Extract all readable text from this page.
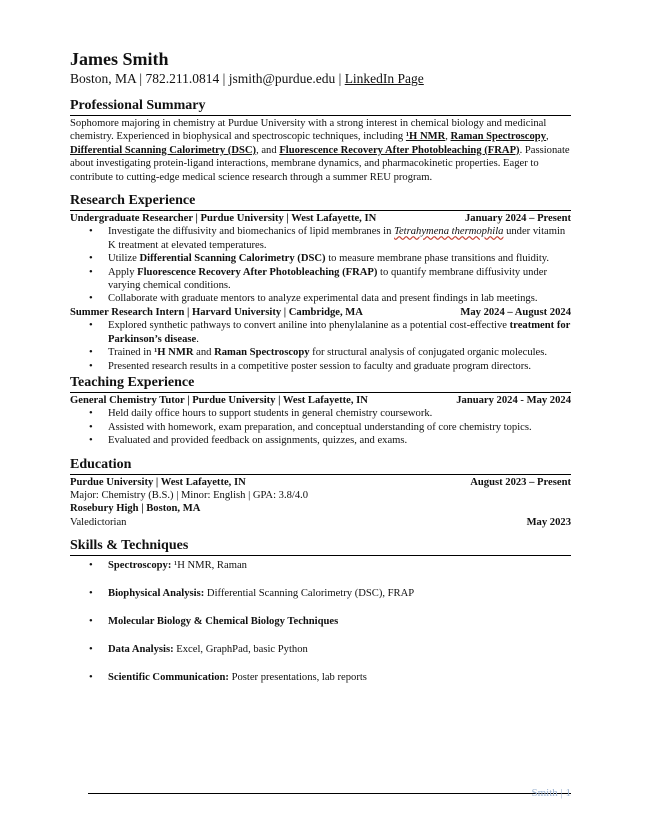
James Smith
Boston, MA | 782.211.0814 | jsmith@purdue.edu | LinkedIn Page
Professional Summary
Sophomore majoring in chemistry at Purdue University with a strong interest in chemical biology and medicinal chemistry. Experienced in biophysical and spectroscopic techniques, including ¹H NMR, Raman Spectroscopy, Differential Scanning Calorimetry (DSC), and Fluorescence Recovery After Photobleaching (FRAP). Passionate about investigating protein-ligand interactions, membrane dynamics, and pharmacokinetic properties. Eager to contribute to cutting-edge medical science research through a summer REU program.
Research Experience
Undergraduate Researcher | Purdue University | West Lafayette, IN	January 2024 – Present
• Investigate the diffusivity and biomechanics of lipid membranes in Tetrahymena thermophila under vitamin K treatment at elevated temperatures.
• Utilize Differential Scanning Calorimetry (DSC) to measure membrane phase transitions and fluidity.
• Apply Fluorescence Recovery After Photobleaching (FRAP) to quantify membrane diffusivity under varying chemical conditions.
• Collaborate with graduate mentors to analyze experimental data and present findings in lab meetings.
Summer Research Intern | Harvard University | Cambridge, MA	May 2024 – August 2024
• Explored synthetic pathways to convert aniline into phenylalanine as a potential cost-effective treatment for Parkinson’s disease.
• Trained in ¹H NMR and Raman Spectroscopy for structural analysis of conjugated organic molecules.
• Presented research results in a competitive poster session to faculty and graduate program directors.
Teaching Experience
General Chemistry Tutor | Purdue University | West Lafayette, IN	January 2024 - May 2024
• Held daily office hours to support students in general chemistry coursework.
• Assisted with homework, exam preparation, and conceptual understanding of core chemistry topics.
• Evaluated and provided feedback on assignments, quizzes, and exams.
Education
Purdue University | West Lafayette, IN	August 2023 – Present
Major: Chemistry (B.S.) | Minor: English | GPA: 3.8/4.0
Rosebury High | Boston, MA
Valedictorian	May 2023
Skills & Techniques
• Spectroscopy: ¹H NMR, Raman
• Biophysical Analysis: Differential Scanning Calorimetry (DSC), FRAP
• Molecular Biology & Chemical Biology Techniques
• Data Analysis: Excel, GraphPad, basic Python
• Scientific Communication: Poster presentations, lab reports
Smith | 1
